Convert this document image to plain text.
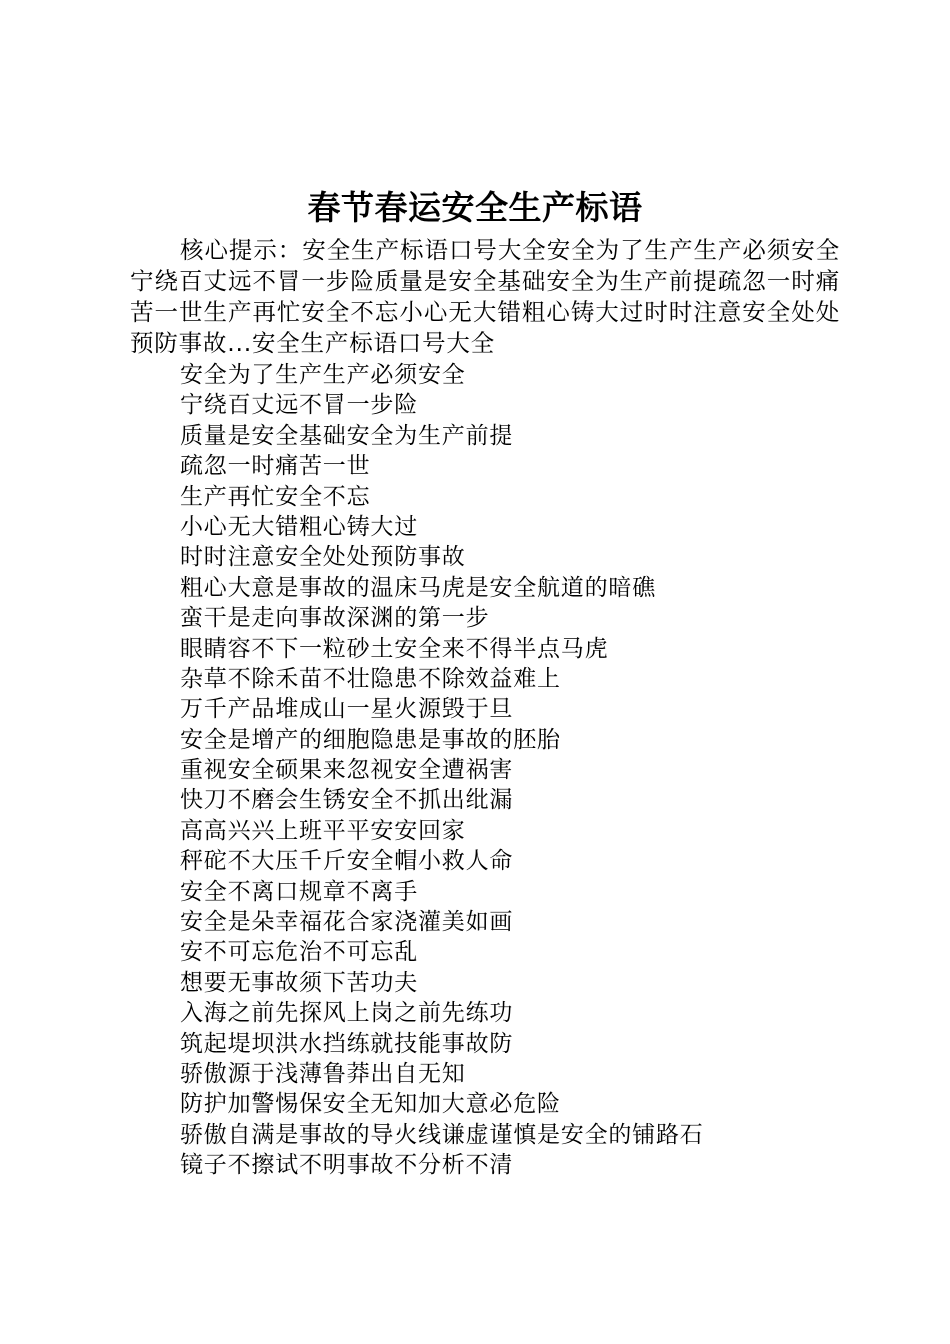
春节春运安全生产标语

核心提示：安全生产标语口号大全安全为了生产生产必须安全宁绕百丈远不冒一步险质量是安全基础安全为生产前提疏忽一时痛苦一世生产再忙安全不忘小心无大错粗心铸大过时时注意安全处处预防事故...安全生产标语口号大全

安全为了生产生产必须安全
宁绕百丈远不冒一步险
质量是安全基础安全为生产前提
疏忽一时痛苦一世
生产再忙安全不忘
小心无大错粗心铸大过
时时注意安全处处预防事故
粗心大意是事故的温床马虎是安全航道的暗礁
蛮干是走向事故深渊的第一步
眼睛容不下一粒砂土安全来不得半点马虎
杂草不除禾苗不壮隐患不除效益难上
万千产品堆成山一星火源毁于旦
安全是增产的细胞隐患是事故的胚胎
重视安全硕果来忽视安全遭祸害
快刀不磨会生锈安全不抓出纰漏
高高兴兴上班平平安安回家
秤砣不大压千斤安全帽小救人命
安全不离口规章不离手
安全是朵幸福花合家浇灌美如画
安不可忘危治不可忘乱
想要无事故须下苦功夫
入海之前先探风上岗之前先练功
筑起堤坝洪水挡练就技能事故防
骄傲源于浅薄鲁莽出自无知
防护加警惕保安全无知加大意必危险
骄傲自满是事故的导火线谦虚谨慎是安全的铺路石
镜子不擦试不明事故不分析不清
